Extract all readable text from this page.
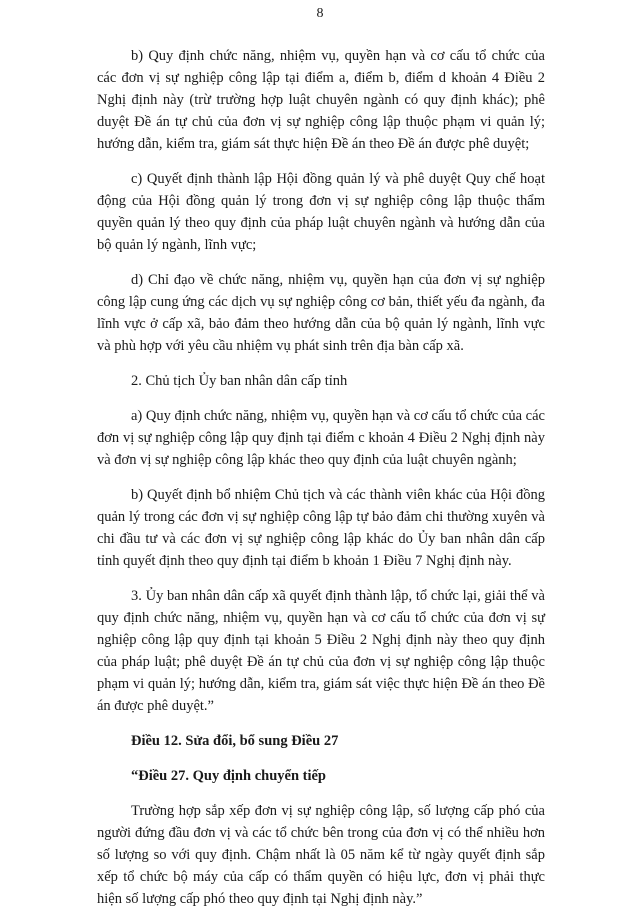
8

b) Quy định chức năng, nhiệm vụ, quyền hạn và cơ cấu tổ chức của các đơn vị sự nghiệp công lập tại điểm a, điểm b, điểm d khoản 4 Điều 2 Nghị định này (trừ trường hợp luật chuyên ngành có quy định khác); phê duyệt Đề án tự chủ của đơn vị sự nghiệp công lập thuộc phạm vi quản lý; hướng dẫn, kiểm tra, giám sát thực hiện Đề án theo Đề án được phê duyệt;

c) Quyết định thành lập Hội đồng quản lý và phê duyệt Quy chế hoạt động của Hội đồng quản lý trong đơn vị sự nghiệp công lập thuộc thẩm quyền quản lý theo quy định của pháp luật chuyên ngành và hướng dẫn của bộ quản lý ngành, lĩnh vực;

d) Chỉ đạo về chức năng, nhiệm vụ, quyền hạn của đơn vị sự nghiệp công lập cung ứng các dịch vụ sự nghiệp công cơ bản, thiết yếu đa ngành, đa lĩnh vực ở cấp xã, bảo đảm theo hướng dẫn của bộ quản lý ngành, lĩnh vực và phù hợp với yêu cầu nhiệm vụ phát sinh trên địa bàn cấp xã.

2. Chủ tịch Ủy ban nhân dân cấp tỉnh

a) Quy định chức năng, nhiệm vụ, quyền hạn và cơ cấu tổ chức của các đơn vị sự nghiệp công lập quy định tại điểm c khoản 4 Điều 2 Nghị định này và đơn vị sự nghiệp công lập khác theo quy định của luật chuyên ngành;

b) Quyết định bổ nhiệm Chủ tịch và các thành viên khác của Hội đồng quản lý trong các đơn vị sự nghiệp công lập tự bảo đảm chi thường xuyên và chi đầu tư và các đơn vị sự nghiệp công lập khác do Ủy ban nhân dân cấp tỉnh quyết định theo quy định tại điểm b khoản 1 Điều 7 Nghị định này.

3. Ủy ban nhân dân cấp xã quyết định thành lập, tổ chức lại, giải thể và quy định chức năng, nhiệm vụ, quyền hạn và cơ cấu tổ chức của đơn vị sự nghiệp công lập quy định tại khoản 5 Điều 2 Nghị định này theo quy định của pháp luật; phê duyệt Đề án tự chủ của đơn vị sự nghiệp công lập thuộc phạm vi quản lý; hướng dẫn, kiểm tra, giám sát việc thực hiện Đề án theo Đề án được phê duyệt.”

Điều 12. Sửa đổi, bổ sung Điều 27

“Điều 27. Quy định chuyển tiếp

Trường hợp sắp xếp đơn vị sự nghiệp công lập, số lượng cấp phó của người đứng đầu đơn vị và các tổ chức bên trong của đơn vị có thể nhiều hơn số lượng so với quy định. Chậm nhất là 05 năm kể từ ngày quyết định sắp xếp tổ chức bộ máy của cấp có thẩm quyền có hiệu lực, đơn vị phải thực hiện số lượng cấp phó theo quy định tại Nghị định này.”
